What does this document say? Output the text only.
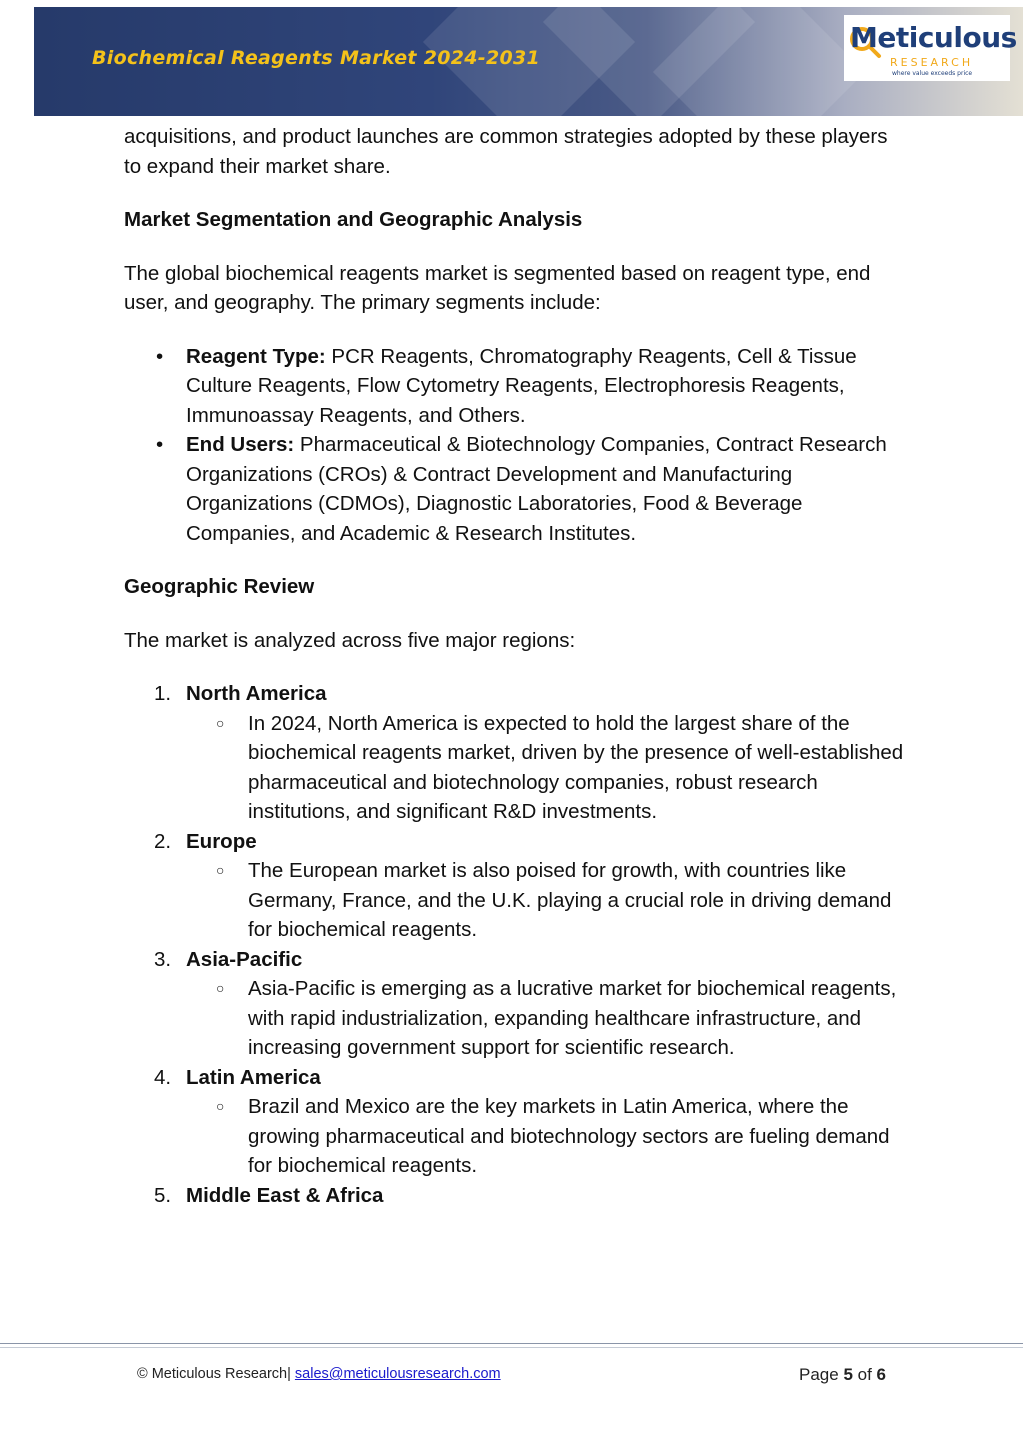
Biochemical Reagents Market 2024-2031
Meticulous
RESEARCH
where value exceeds price

acquisitions, and product launches are common strategies adopted by these players to expand their market share.

Market Segmentation and Geographic Analysis

The global biochemical reagents market is segmented based on reagent type, end user, and geography. The primary segments include:

• Reagent Type: PCR Reagents, Chromatography Reagents, Cell & Tissue Culture Reagents, Flow Cytometry Reagents, Electrophoresis Reagents, Immunoassay Reagents, and Others.
• End Users: Pharmaceutical & Biotechnology Companies, Contract Research Organizations (CROs) & Contract Development and Manufacturing Organizations (CDMOs), Diagnostic Laboratories, Food & Beverage Companies, and Academic & Research Institutes.

Geographic Review

The market is analyzed across five major regions:

1. North America
○ In 2024, North America is expected to hold the largest share of the biochemical reagents market, driven by the presence of well-established pharmaceutical and biotechnology companies, robust research institutions, and significant R&D investments.
2. Europe
○ The European market is also poised for growth, with countries like Germany, France, and the U.K. playing a crucial role in driving demand for biochemical reagents.
3. Asia-Pacific
○ Asia-Pacific is emerging as a lucrative market for biochemical reagents, with rapid industrialization, expanding healthcare infrastructure, and increasing government support for scientific research.
4. Latin America
○ Brazil and Mexico are the key markets in Latin America, where the growing pharmaceutical and biotechnology sectors are fueling demand for biochemical reagents.
5. Middle East & Africa
© Meticulous Research| sales@meticulousresearch.com	Page 5 of 6
